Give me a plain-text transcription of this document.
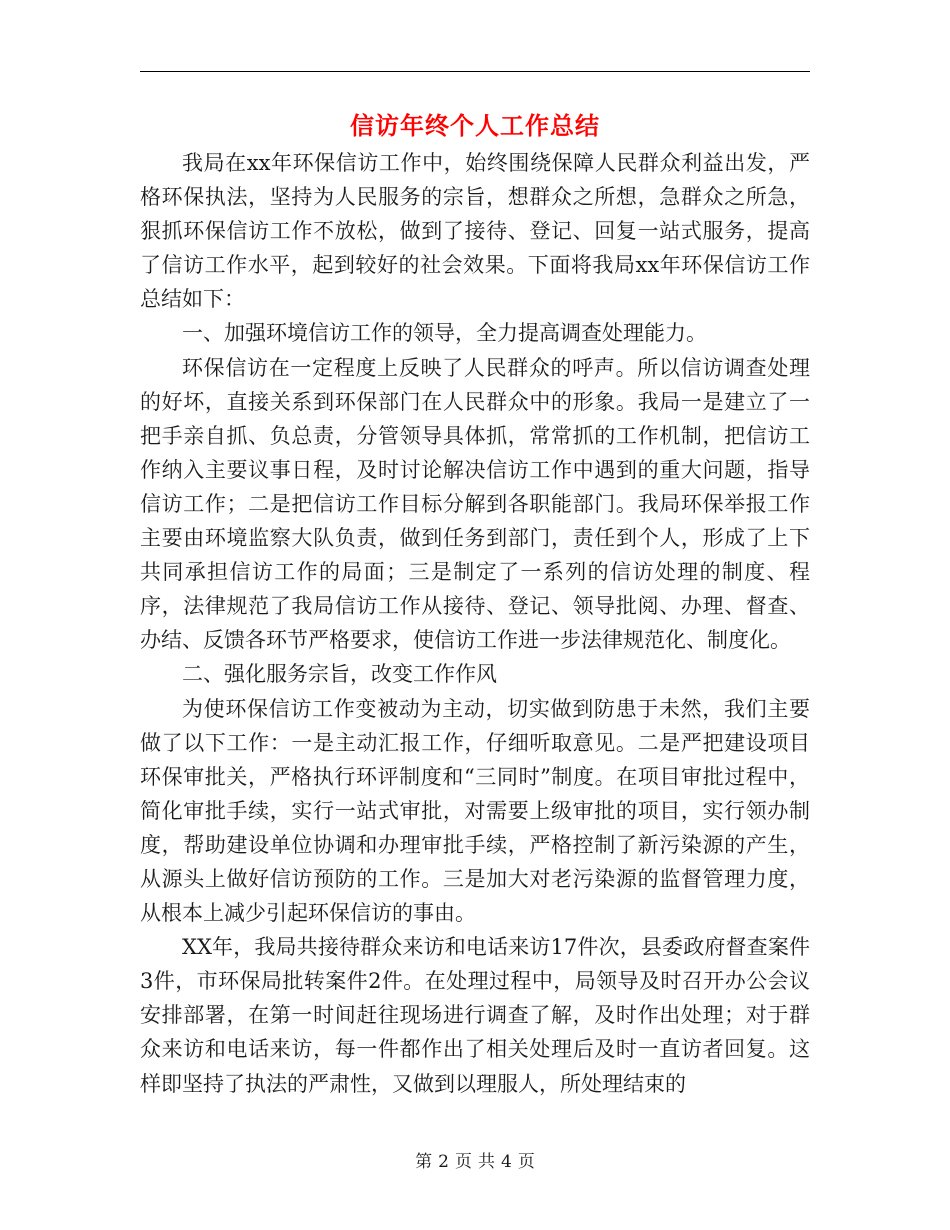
信访年终个人工作总结

我局在xx年环保信访工作中，始终围绕保障人民群众利益出发，严格环保执法，坚持为人民服务的宗旨，想群众之所想，急群众之所急，狠抓环保信访工作不放松，做到了接待、登记、回复一站式服务，提高了信访工作水平，起到较好的社会效果。下面将我局xx年环保信访工作总结如下：

一、加强环境信访工作的领导，全力提高调查处理能力。

环保信访在一定程度上反映了人民群众的呼声。所以信访调查处理的好坏，直接关系到环保部门在人民群众中的形象。我局一是建立了一把手亲自抓、负总责，分管领导具体抓，常常抓的工作机制，把信访工作纳入主要议事日程，及时讨论解决信访工作中遇到的重大问题，指导信访工作；二是把信访工作目标分解到各职能部门。我局环保举报工作主要由环境监察大队负责，做到任务到部门，责任到个人，形成了上下共同承担信访工作的局面；三是制定了一系列的信访处理的制度、程序，法律规范了我局信访工作从接待、登记、领导批阅、办理、督查、办结、反馈各环节严格要求，使信访工作进一步法律规范化、制度化。

二、强化服务宗旨，改变工作作风

为使环保信访工作变被动为主动，切实做到防患于未然，我们主要做了以下工作：一是主动汇报工作，仔细听取意见。二是严把建设项目环保审批关，严格执行环评制度和“三同时”制度。在项目审批过程中，简化审批手续，实行一站式审批，对需要上级审批的项目，实行领办制度，帮助建设单位协调和办理审批手续，严格控制了新污染源的产生，从源头上做好信访预防的工作。三是加大对老污染源的监督管理力度，从根本上减少引起环保信访的事由。

XX年，我局共接待群众来访和电话来访17件次，县委政府督查案件3件，市环保局批转案件2件。在处理过程中，局领导及时召开办公会议安排部署，在第一时间赶往现场进行调查了解，及时作出处理；对于群众来访和电话来访，每一件都作出了相关处理后及时一直访者回复。这样即坚持了执法的严肃性，又做到以理服人，所处理结束的

第 2 页 共 4 页
